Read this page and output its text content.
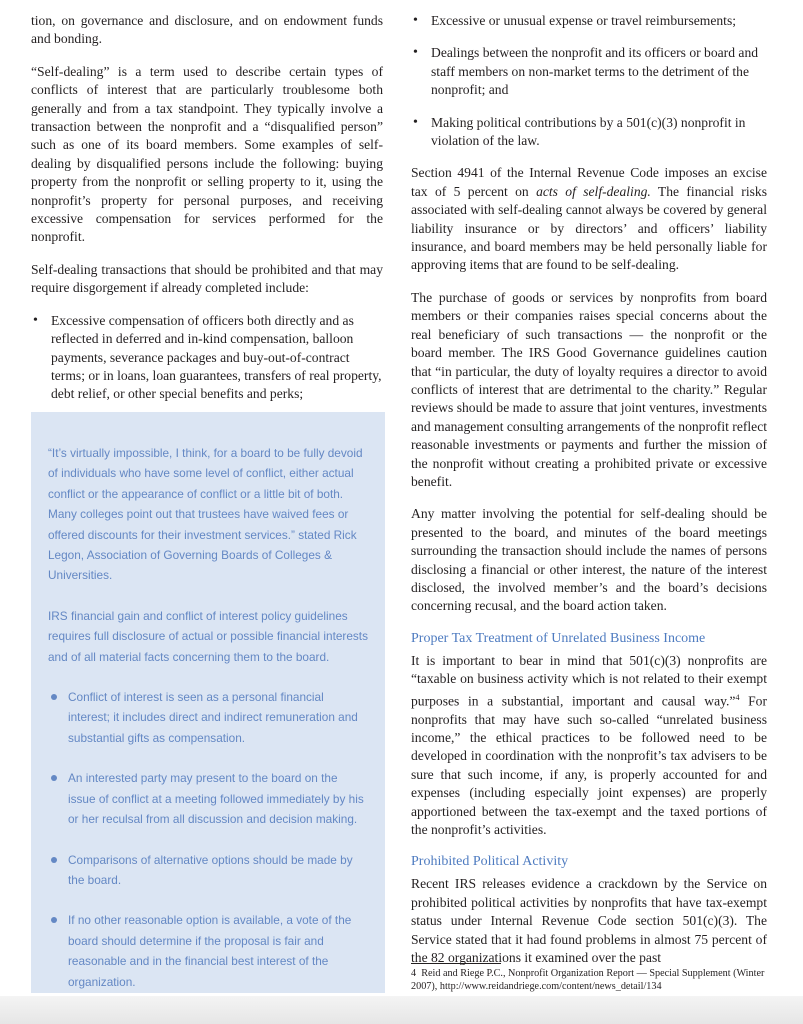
tion, on governance and disclosure, and on endowment funds and bonding.

“Self-dealing” is a term used to describe certain types of conflicts of interest that are particularly troublesome both generally and from a tax standpoint. They typically involve a transaction between the nonprofit and a “disqualified person” such as one of its board members. Some examples of self-dealing by disqualified persons include the following: buying property from the nonprofit or selling property to it, using the nonprofit’s property for personal purposes, and receiving excessive compensation for services performed for the nonprofit.

Self-dealing transactions that should be prohibited and that may require disgorgement if already completed include:

• Excessive compensation of officers both directly and as reflected in deferred and in-kind compensation, balloon payments, severance packages and buy-out-of-contract terms; or in loans, loan guarantees, transfers of real property, debt relief, or other special benefits and perks;

“It’s virtually impossible, I think, for a board to be fully devoid of individuals who have some level of conflict, either actual conflict or the appearance of conflict or a little bit of both. Many colleges point out that trustees have waived fees or offered discounts for their investment services.” stated Rick Legon, Association of Governing Boards of Colleges & Universities.

IRS financial gain and conflict of interest policy guidelines requires full disclosure of actual or possible financial interests and of all material facts concerning them to the board.

Conflict of interest is seen as a personal financial interest; it includes direct and indirect remuneration and substantial gifts as compensation.
An interested party may present to the board on the issue of conflict at a meeting followed immediately by his or her reculsal from all discussion and decision making.
Comparisons of alternative options should be made by the board.
If no other reasonable option is available, a vote of the board should determine if the proposal is fair and reasonable and in the financial best interest of the organization.
• Excessive or unusual expense or travel reimbursements;
• Dealings between the nonprofit and its officers or board and staff members on non-market terms to the detriment of the nonprofit; and
• Making political contributions by a 501(c)(3) nonprofit in violation of the law.

Section 4941 of the Internal Revenue Code imposes an excise tax of 5 percent on acts of self-dealing. The financial risks associated with self-dealing cannot always be covered by general liability insurance or by directors’ and officers’ liability insurance, and board members may be held personally liable for approving items that are found to be self-dealing.

The purchase of goods or services by nonprofits from board members or their companies raises special concerns about the real beneficiary of such transactions — the nonprofit or the board member. The IRS Good Governance guidelines caution that “in particular, the duty of loyalty requires a director to avoid conflicts of interest that are detrimental to the charity.” Regular reviews should be made to assure that joint ventures, investments and management consulting arrangements of the nonprofit reflect reasonable investments or payments and further the mission of the nonprofit without creating a prohibited private or excessive benefit.

Any matter involving the potential for self-dealing should be presented to the board, and minutes of the board meetings surrounding the transaction should include the names of persons disclosing a financial or other interest, the nature of the interest disclosed, the involved member’s and the board’s decisions concerning recusal, and the board action taken.

Proper Tax Treatment of Unrelated Business Income

It is important to bear in mind that 501(c)(3) nonprofits are “taxable on business activity which is not related to their exempt purposes in a substantial, important and causal way.”$^4$ For nonprofits that may have such so-called “unrelated business income,” the ethical practices to be followed need to be developed in coordination with the nonprofit’s tax advisers to be sure that such income, if any, is properly accounted for and expenses (including especially joint expenses) are properly apportioned between the tax-exempt and the taxed portions of the nonprofit’s activities.

Prohibited Political Activity

Recent IRS releases evidence a crackdown by the Service on prohibited political activities by nonprofits that have tax-exempt status under Internal Revenue Code section 501(c)(3). The Service stated that it had found problems in almost 75 percent of the 82 organizations it examined over the past

4 Reid and Riege P.C., Nonprofit Organization Report — Special Supplement (Winter 2007), http://www.reidandriege.com/content/news_detail/134
